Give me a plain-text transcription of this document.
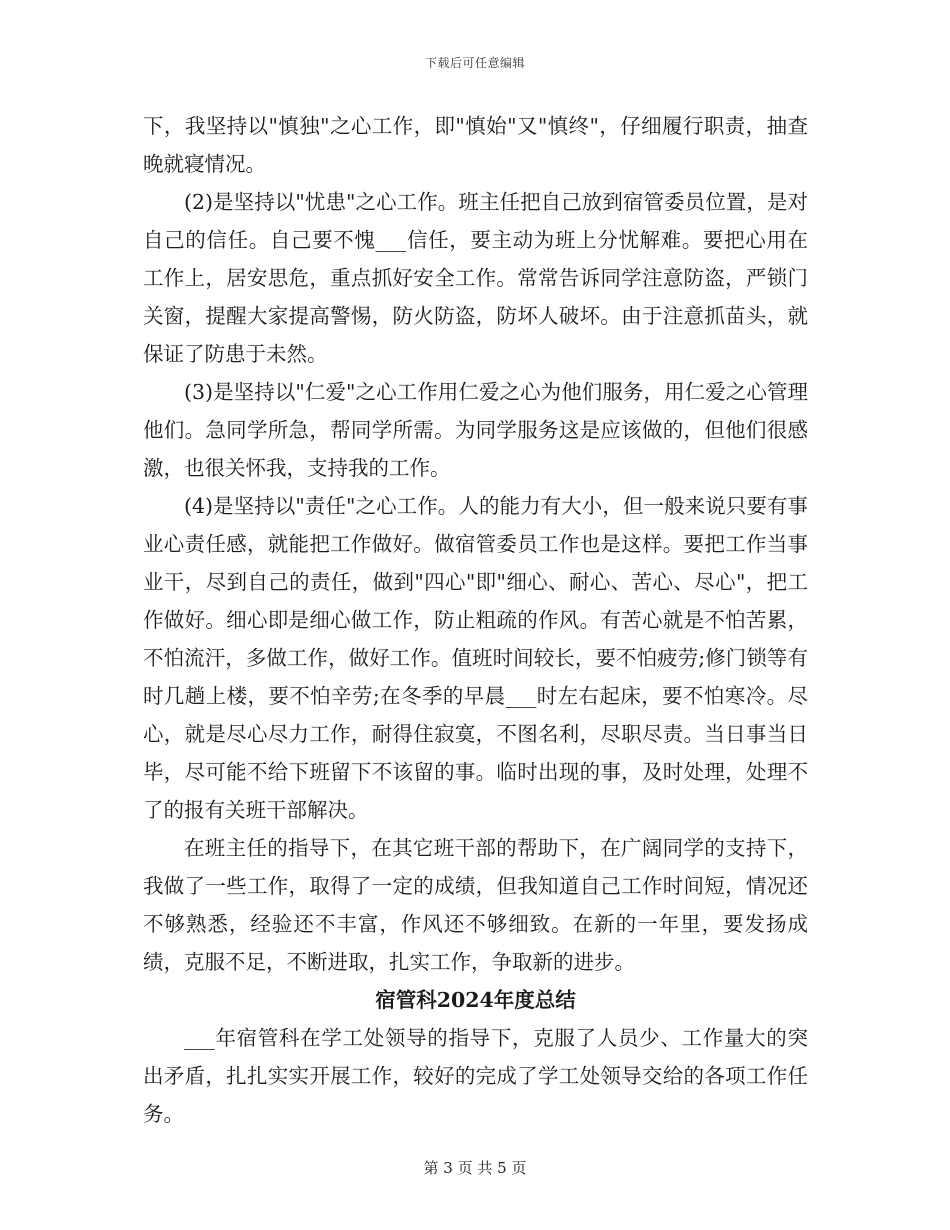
下载后可任意编辑

下，我坚持以"慎独"之心工作，即"慎始"又"慎终"，仔细履行职责，抽查晚就寝情况。

(2)是坚持以"忧患"之心工作。班主任把自己放到宿管委员位置，是对自己的信任。自己要不愧___信任，要主动为班上分忧解难。要把心用在工作上，居安思危，重点抓好安全工作。常常告诉同学注意防盗，严锁门关窗，提醒大家提高警惕，防火防盗，防坏人破坏。由于注意抓苗头，就保证了防患于未然。

(3)是坚持以"仁爱"之心工作用仁爱之心为他们服务，用仁爱之心管理他们。急同学所急，帮同学所需。为同学服务这是应该做的，但他们很感激，也很关怀我，支持我的工作。

(4)是坚持以"责任"之心工作。人的能力有大小，但一般来说只要有事业心责任感，就能把工作做好。做宿管委员工作也是这样。要把工作当事业干，尽到自己的责任，做到"四心"即"细心、耐心、苦心、尽心"，把工作做好。细心即是细心做工作，防止粗疏的作风。有苦心就是不怕苦累，不怕流汗，多做工作，做好工作。值班时间较长，要不怕疲劳;修门锁等有时几趟上楼，要不怕辛劳;在冬季的早晨___时左右起床，要不怕寒冷。尽心，就是尽心尽力工作，耐得住寂寞，不图名利，尽职尽责。当日事当日毕，尽可能不给下班留下不该留的事。临时出现的事，及时处理，处理不了的报有关班干部解决。

在班主任的指导下，在其它班干部的帮助下，在广阔同学的支持下，我做了一些工作，取得了一定的成绩，但我知道自己工作时间短，情况还不够熟悉，经验还不丰富，作风还不够细致。在新的一年里，要发扬成绩，克服不足，不断进取，扎实工作，争取新的进步。

宿管科2024年度总结

___年宿管科在学工处领导的指导下，克服了人员少、工作量大的突出矛盾，扎扎实实开展工作，较好的完成了学工处领导交给的各项工作任务。

第 3 页 共 5 页
